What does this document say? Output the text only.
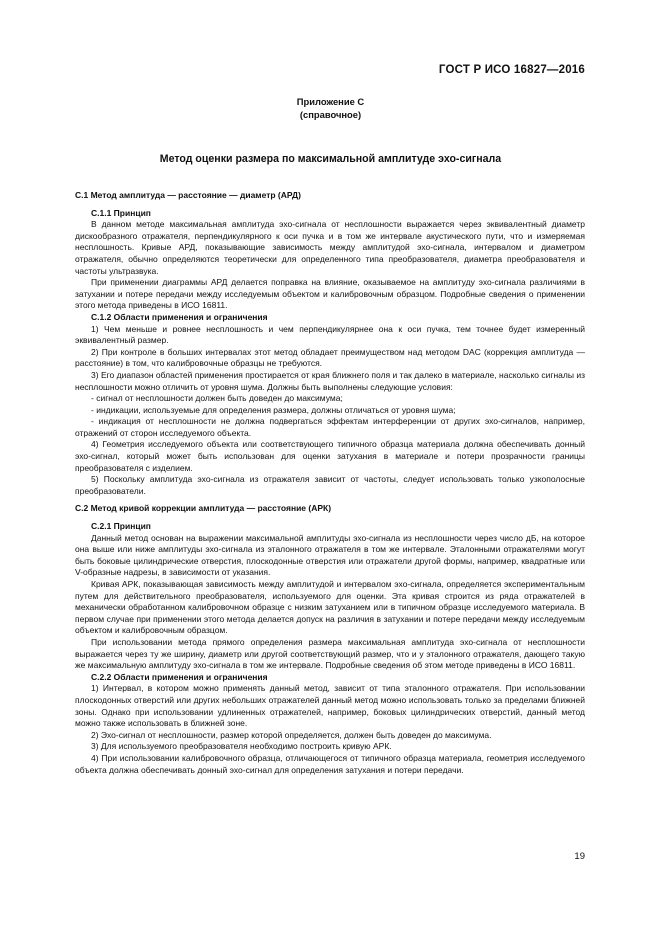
ГОСТ Р ИСО 16827—2016
Приложение С
(справочное)
Метод оценки размера по максимальной амплитуде эхо-сигнала

С.1 Метод амплитуда — расстояние — диаметр (АРД)

С.1.1 Принцип

В данном методе максимальная амплитуда эхо-сигнала от несплошности выражается через эквивалентный диаметр дискообразного отражателя, перпендикулярного к оси пучка и в том же интервале акустического пути, что и измеряемая несплошность. Кривые АРД, показывающие зависимость между амплитудой эхо-сигнала, интервалом и диаметром отражателя, обычно определяются теоретически для определенного типа преобразователя, диаметра преобразователя и частоты ультразвука.

При применении диаграммы АРД делается поправка на влияние, оказываемое на амплитуду эхо-сигнала различиями в затухании и потере передачи между исследуемым объектом и калибровочным образцом. Подробные сведения о применении этого метода приведены в ИСО 16811.

С.1.2 Области применения и ограничения

1) Чем меньше и ровнее несплошность и чем перпендикулярнее она к оси пучка, тем точнее будет измеренный эквивалентный размер.

2) При контроле в больших интервалах этот метод обладает преимуществом над методом DAC (коррекция амплитуда — расстояние) в том, что калибровочные образцы не требуются.

3) Его диапазон областей применения простирается от края ближнего поля и так далеко в материале, насколько сигналы из несплошности можно отличить от уровня шума. Должны быть выполнены следующие условия:

- сигнал от несплошности должен быть доведен до максимума;

- индикации, используемые для определения размера, должны отличаться от уровня шума;

- индикация от несплошности не должна подвергаться эффектам интерференции от других эхо-сигналов, например, отражений от сторон исследуемого объекта.

4) Геометрия исследуемого объекта или соответствующего типичного образца материала должна обеспечивать донный эхо-сигнал, который может быть использован для оценки затухания в материале и потери прозрачности границы преобразователя с изделием.

5) Поскольку амплитуда эхо-сигнала из отражателя зависит от частоты, следует использовать только узкополосные преобразователи.

С.2 Метод кривой коррекции амплитуда — расстояние (АРК)

С.2.1 Принцип

Данный метод основан на выражении максимальной амплитуды эхо-сигнала из несплошности через число дБ, на которое она выше или ниже амплитуды эхо-сигнала из эталонного отражателя в том же интервале. Эталонными отражателями могут быть боковые цилиндрические отверстия, плоскодонные отверстия или отражатели другой формы, например, квадратные или V-образные надрезы, в зависимости от указания.

Кривая АРК, показывающая зависимость между амплитудой и интервалом эхо-сигнала, определяется экспериментальным путем для действительного преобразователя, используемого для оценки. Эта кривая строится из ряда отражателей в механически обработанном калибровочном образце с низким затуханием или в типичном образце исследуемого материала. В первом случае при применении этого метода делается допуск на различия в затухании и потере передачи между исследуемым объектом и калибровочным образцом.

При использовании метода прямого определения размера максимальная амплитуда эхо-сигнала от несплошности выражается через ту же ширину, диаметр или другой соответствующий размер, что и у эталонного отражателя, дающего такую же максимальную амплитуду эхо-сигнала в том же интервале. Подробные сведения об этом методе приведены в ИСО 16811.

С.2.2 Области применения и ограничения

1) Интервал, в котором можно применять данный метод, зависит от типа эталонного отражателя. При использовании плоскодонных отверстий или других небольших отражателей данный метод можно использовать только за пределами ближней зоны. Однако при использовании удлиненных отражателей, например, боковых цилиндрических отверстий, данный метод можно также использовать в ближней зоне.

2) Эхо-сигнал от несплошности, размер которой определяется, должен быть доведен до максимума.

3) Для используемого преобразователя необходимо построить кривую АРК.

4) При использовании калибровочного образца, отличающегося от типичного образца материала, геометрия исследуемого объекта должна обеспечивать донный эхо-сигнал для определения затухания и потери передачи.

19
